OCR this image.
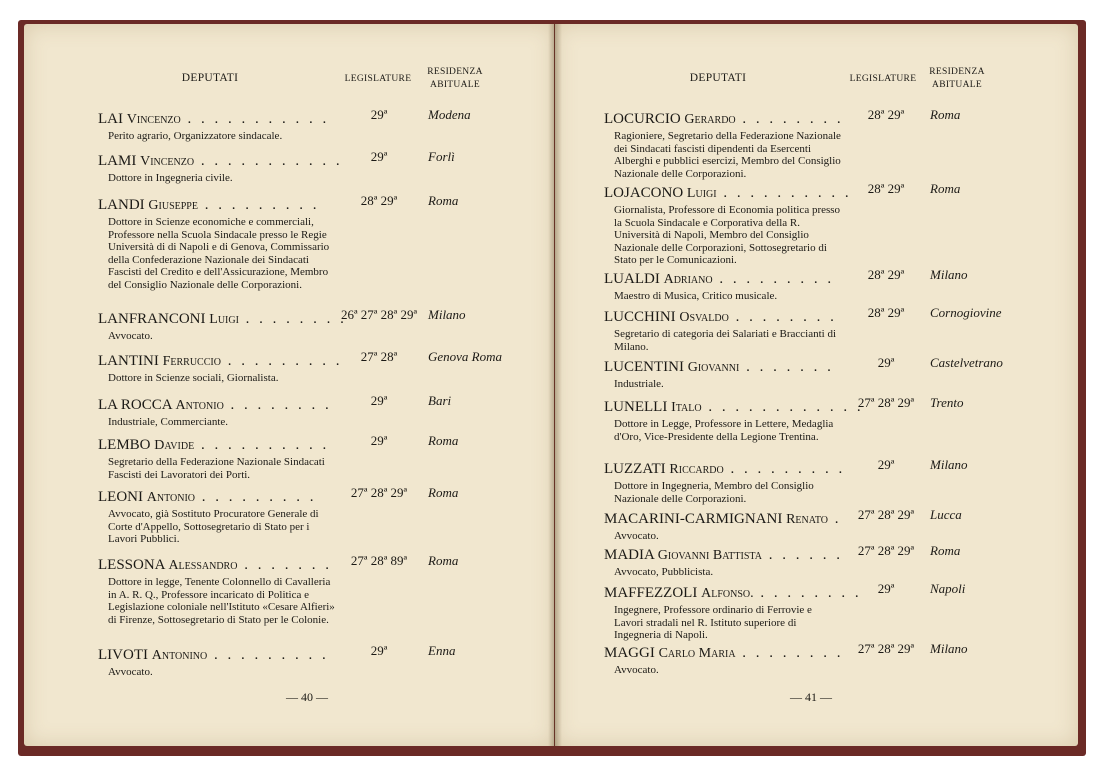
DEPUTATI	LEGISLATURE
RESIDENZA ABITUALE
DEPUTATI	LEGISLATURE
RESIDENZA ABITUALE
LAI Vincenzo . . . . . . . . . . .
Perito agrario, Organizzatore sindacale.
29ª	Modena
LAMI Vincenzo . . . . . . . . . . .
Dottore in Ingegneria civile.
29ª	Forlì
LANDI Giuseppe . . . . . . . . .
Dottore in Scienze economiche e commerciali, Professore nella Scuola Sindacale presso le Regie Università di di Napoli e di Genova, Commissario della Confederazione Nazionale dei Sindacati Fascisti del Credito e dell'Assicurazione, Membro del Consiglio Nazionale delle Corporazioni.
28ª 29ª	Roma
LANFRANCONI Luigi . . . . . . . .
Avvocato.
26ª 27ª 28ª 29ª Milano
LANTINI Ferruccio . . . . . . . . .
Dottore in Scienze sociali, Giornalista.
27ª 28ª	Genova Roma
LA ROCCA Antonio . . . . . . . .
Industriale, Commerciante.
29ª	Bari
LEMBO Davide . . . . . . . . . .
Segretario della Federazione Nazionale Sindacati Fascisti dei Lavoratori dei Porti.
29ª	Roma
LEONI Antonio . . . . . . . . .
Avvocato, già Sostituto Procuratore Generale di Corte d'Appello, Sottosegretario di Stato per i Lavori Pubblici.
27ª 28ª 29ª	Roma
LESSONA Alessandro . . . . . . .
Dottore in legge, Tenente Colonnello di Cavalleria in A. R. Q., Professore incaricato di Politica e Legislazione coloniale nell'Istituto «Cesare Alfieri» di Firenze, Sottosegretario di Stato per le Colonie.
27ª 28ª 89ª	Roma
LIVOTI Antonino . . . . . . . . .
Avvocato.
29ª	Enna
LOCURCIO Gerardo . . . . . . . .
Ragioniere, Segretario della Federazione Nazionale dei Sindacati fascisti dipendenti da Esercenti Alberghi e pubblici esercizi, Membro del Consiglio Nazionale delle Corporazioni.
28ª 29ª	Roma
LOJACONO Luigi . . . . . . . . . .
Giornalista, Professore di Economia politica presso la Scuola Sindacale e Corporativa della R. Università di Napoli, Membro del Consiglio Nazionale delle Corporazioni, Sottosegretario di Stato per le Comunicazioni.
28ª 29ª	Roma
LUALDI Adriano . . . . . . . . .
Maestro di Musica, Critico musicale.
28ª 29ª	Milano
LUCCHINI Osvaldo . . . . . . . .
Segretario di categoria dei Salariati e Braccianti di Milano.
28ª 29ª	Cornogiovine
LUCENTINI Giovanni . . . . . . .
Industriale.
29ª	Castelvetrano
LUNELLI Italo . . . . . . . . . . . .
Dottore in Legge, Professore in Lettere, Medaglia d'Oro, Vice-Presidente della Legione Trentina.
27ª 28ª 29ª	Trento
LUZZATI Riccardo . . . . . . . . .
Dottore in Ingegneria, Membro del Consiglio Nazionale delle Corporazioni.
29ª	Milano
MACARINI-CARMIGNANI Renato .
Avvocato.
27ª 28ª 29ª	Lucca
MADIA Giovanni Battista . . . . . .
Avvocato, Pubblicista.
27ª 28ª 29ª	Roma
MAFFEZZOLI Alfonso. . . . . . . . .
Ingegnere, Professore ordinario di Ferrovie e Lavori stradali nel R. Istituto superiore di Ingegneria di Napoli.
29ª	Napoli
MAGGI Carlo Maria . . . . . . . .
Avvocato.
27ª 28ª 29ª	Milano
— 40 —	— 41 —
